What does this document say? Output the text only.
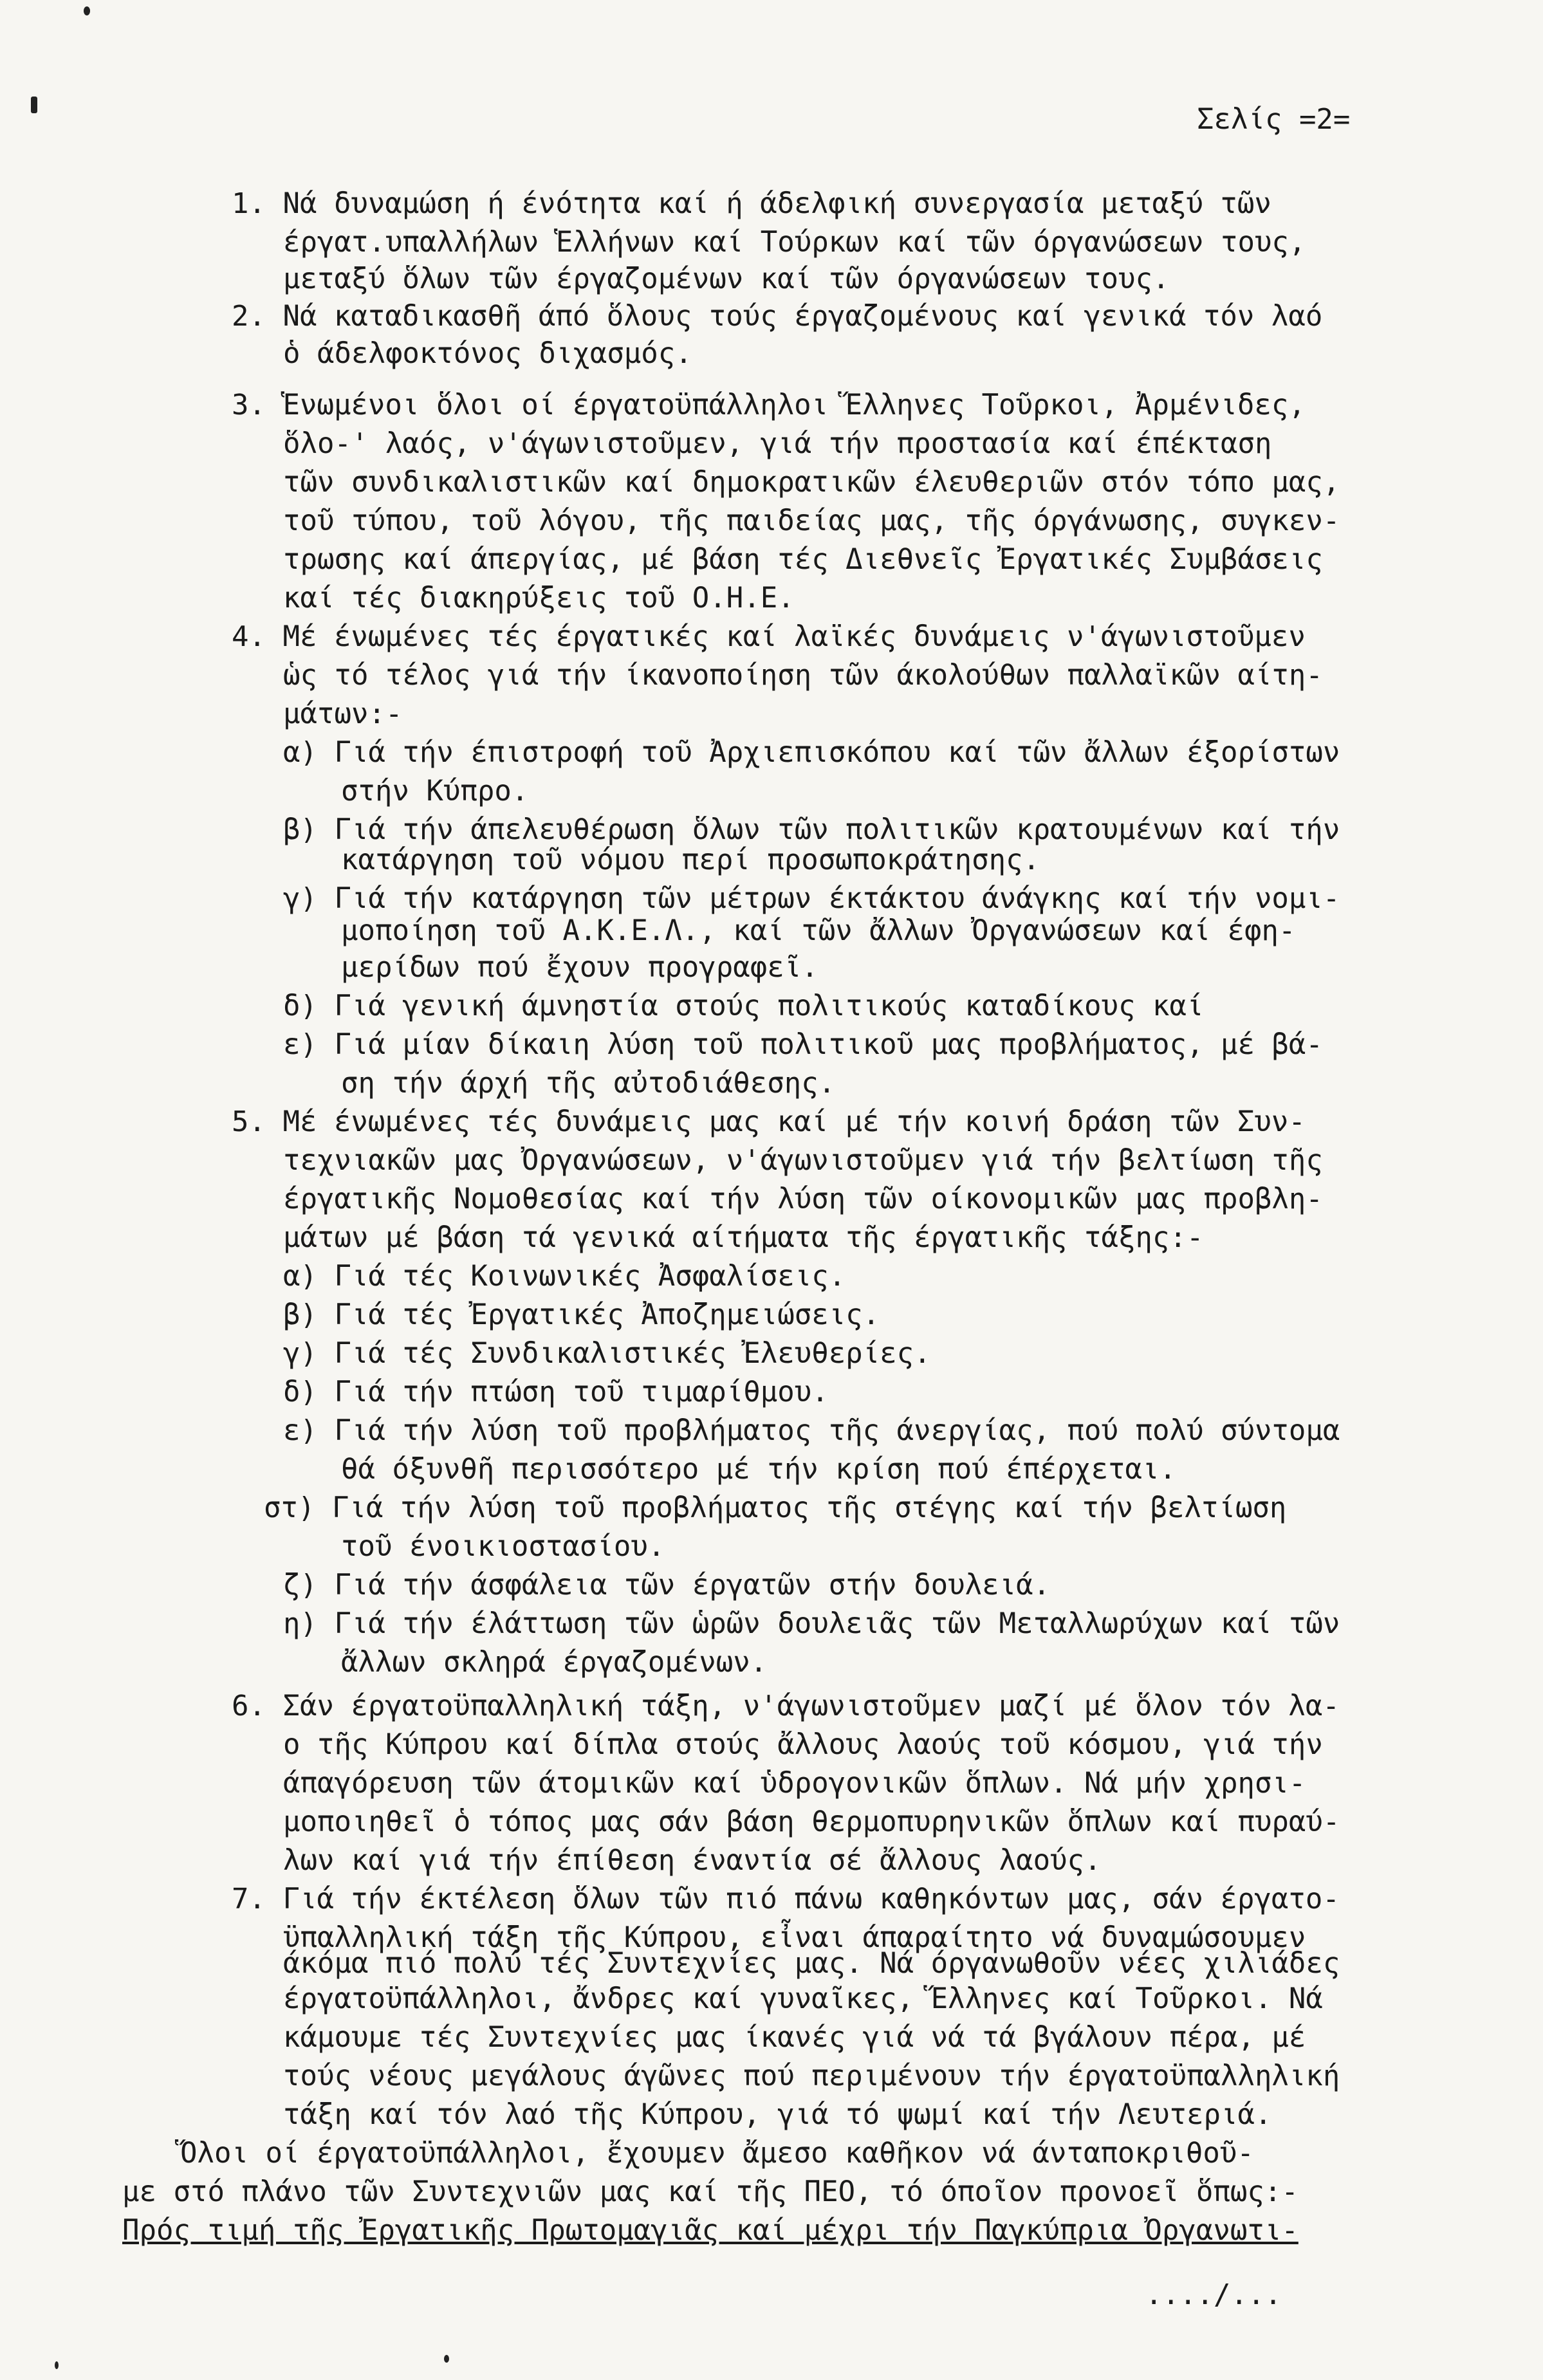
Σελίς =2=
1. Νά δυναμώση ή ένότητα καί ή άδελφική συνεργασία μεταξύ τῶν
έργατ.υπαλλήλων Ἑλλήνων καί Τούρκων καί τῶν όργανώσεων τους,
μεταξύ ὅλων τῶν έργαζομένων καί τῶν όργανώσεων τους.
2. Νά καταδικασθῆ άπό ὅλους τούς έργαζομένους καί γενικά τόν λαό
ὁ άδελφοκτόνος διχασμός.
3. Ἑνωμένοι ὅλοι οί έργατοϋπάλληλοι Ἕλληνες Τοῦρκοι, Ἀρμένιδες,
ὅλο-' λαός, ν'άγωνιστοῦμεν, γιά τήν προστασία καί έπέκταση
τῶν συνδικαλιστικῶν καί δημοκρατικῶν έλευθεριῶν στόν τόπο μας,
τοῦ τύπου, τοῦ λόγου, τῆς παιδείας μας, τῆς όργάνωσης, συγκεν-
τρωσης καί άπεργίας, μέ βάση τές Διεθνεῖς Ἐργατικές Συμβάσεις
καί τές διακηρύξεις τοῦ Ο.Η.Ε.
4. Μέ ένωμένες τές έργατικές καί λαϊκές δυνάμεις ν'άγωνιστοῦμεν
ὡς τό τέλος γιά τήν ίκανοποίηση τῶν άκολούθων παλλαϊκῶν αίτη-
μάτων:-
α) Γιά τήν έπιστροφή τοῦ Ἀρχιεπισκόπου καί τῶν ἄλλων έξορίστων
στήν Κύπρο.
β) Γιά τήν άπελευθέρωση ὅλων τῶν πολιτικῶν κρατουμένων καί τήν
κατάργηση τοῦ νόμου περί προσωποκράτησης.
γ) Γιά τήν κατάργηση τῶν μέτρων έκτάκτου άνάγκης καί τήν νομι-
μοποίηση τοῦ Α.Κ.Ε.Λ., καί τῶν ἄλλων Ὀργανώσεων καί έφη-
μερίδων πού ἔχουν προγραφεῖ.
δ) Γιά γενική άμνηστία στούς πολιτικούς καταδίκους καί
ε) Γιά μίαν δίκαιη λύση τοῦ πολιτικοῦ μας προβλήματος, μέ βά-
ση τήν άρχή τῆς αὐτοδιάθεσης.
5. Μέ ένωμένες τές δυνάμεις μας καί μέ τήν κοινή δράση τῶν Συν-
τεχνιακῶν μας Ὀργανώσεων, ν'άγωνιστοῦμεν γιά τήν βελτίωση τῆς
έργατικῆς Νομοθεσίας καί τήν λύση τῶν οίκονομικῶν μας προβλη-
μάτων μέ βάση τά γενικά αίτήματα τῆς έργατικῆς τάξης:-
α) Γιά τές Κοινωνικές Ἀσφαλίσεις.
β) Γιά τές Ἐργατικές Ἀποζημειώσεις.
γ) Γιά τές Συνδικαλιστικές Ἐλευθερίες.
δ) Γιά τήν πτώση τοῦ τιμαρίθμου.
ε) Γιά τήν λύση τοῦ προβλήματος τῆς άνεργίας, πού πολύ σύντομα
θά όξυνθῆ περισσότερο μέ τήν κρίση πού έπέρχεται.
στ) Γιά τήν λύση τοῦ προβλήματος τῆς στέγης καί τήν βελτίωση
τοῦ ένοικιοστασίου.
ζ) Γιά τήν άσφάλεια τῶν έργατῶν στήν δουλειά.
η) Γιά τήν έλάττωση τῶν ὡρῶν δουλειᾶς τῶν Μεταλλωρύχων καί τῶν
ἄλλων σκληρά έργαζομένων.
6. Σάν έργατοϋπαλληλική τάξη, ν'άγωνιστοῦμεν μαζί μέ ὅλον τόν λα-
ο τῆς Κύπρου καί δίπλα στούς ἄλλους λαούς τοῦ κόσμου, γιά τήν
άπαγόρευση τῶν άτομικῶν καί ὑδρογονικῶν ὅπλων. Νά μήν χρησι-
μοποιηθεῖ ὁ τόπος μας σάν βάση θερμοπυρηνικῶν ὅπλων καί πυραύ-
λων καί γιά τήν έπίθεση έναντία σέ ἄλλους λαούς.
7. Γιά τήν έκτέλεση ὅλων τῶν πιό πάνω καθηκόντων μας, σάν έργατο-
ϋπαλληλική τάξη τῆς Κύπρου, εἶναι άπαραίτητο νά δυναμώσουμεν
άκόμα πιό πολύ τές Συντεχνίες μας. Νά όργανωθοῦν νέες χιλιάδες
έργατοϋπάλληλοι, ἄνδρες καί γυναῖκες, Ἕλληνες καί Τοῦρκοι. Νά
κάμουμε τές Συντεχνίες μας ίκανές γιά νά τά βγάλουν πέρα, μέ
τούς νέους μεγάλους άγῶνες πού περιμένουν τήν έργατοϋπαλληλική
τάξη καί τόν λαό τῆς Κύπρου, γιά τό ψωμί καί τήν Λευτεριά.
Ὅλοι οί έργατοϋπάλληλοι, ἔχουμεν ἄμεσο καθῆκον νά άνταποκριθοῦ-
με στό πλάνο τῶν Συντεχνιῶν μας καί τῆς ΠΕΟ, τό όποῖον προνοεῖ ὅπως:-
Πρός τιμή τῆς Ἐργατικῆς Πρωτομαγιᾶς καί μέχρι τήν Παγκύπρια Ὀργανωτι-
..../...
